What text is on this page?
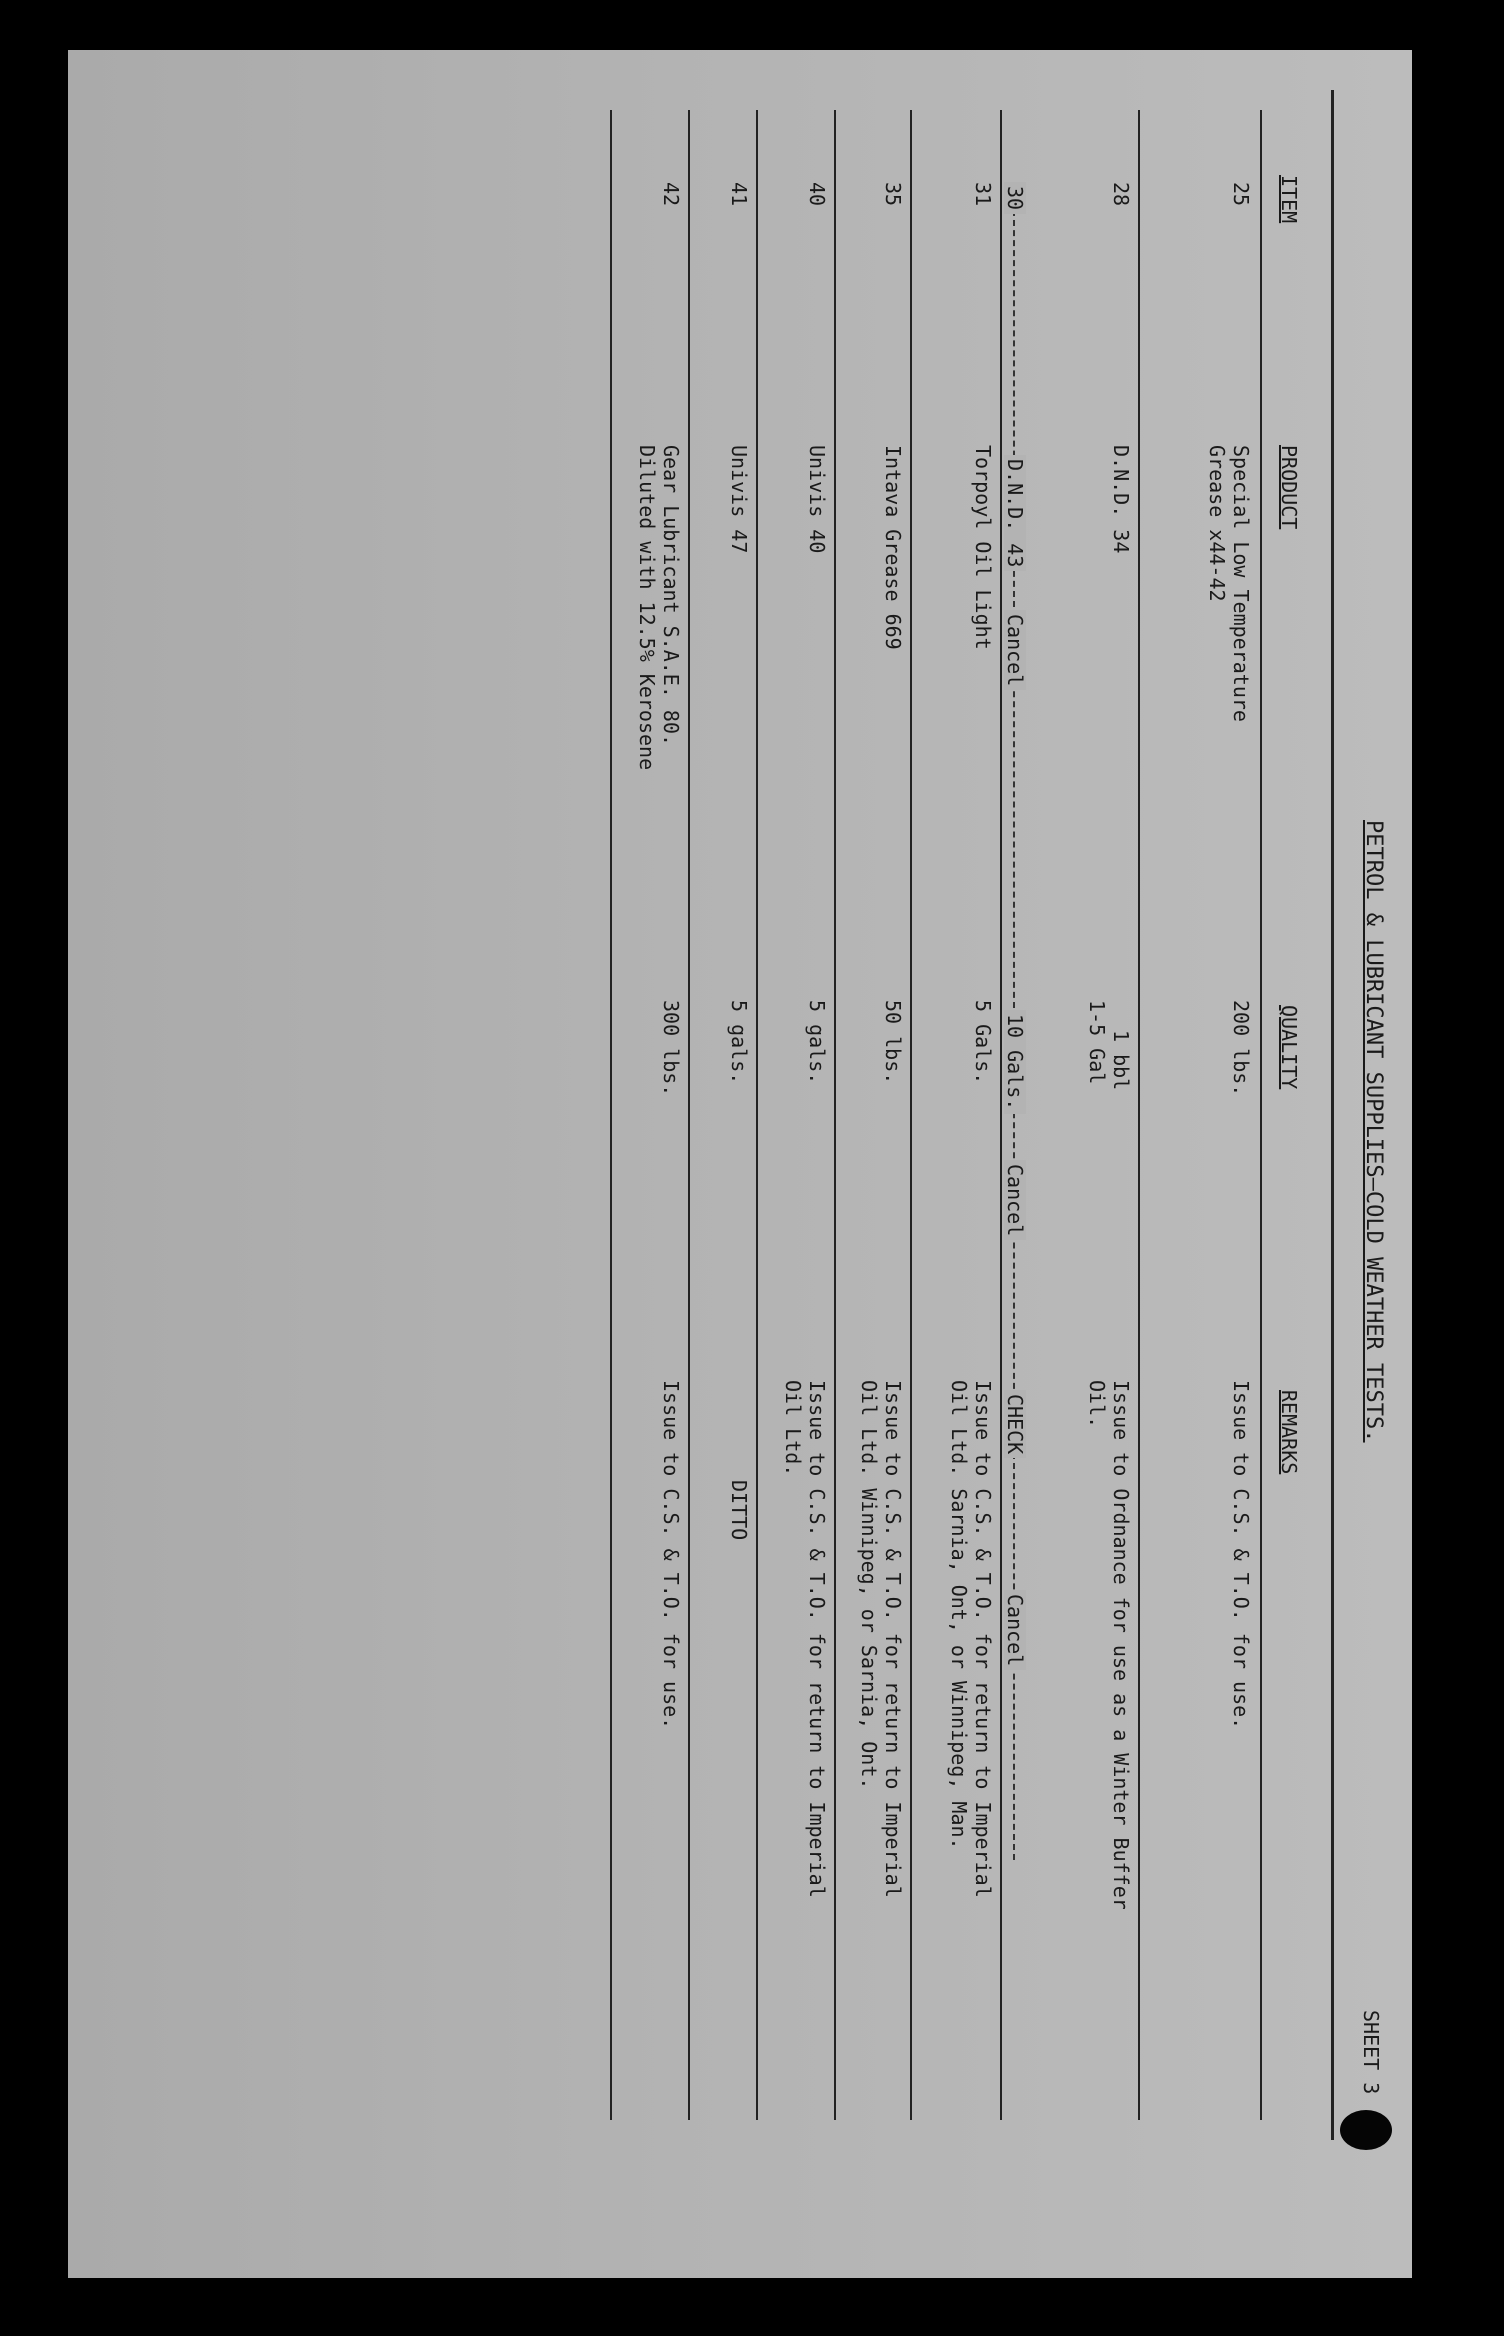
PETROL & LUBRICANT SUPPLIES—COLD WEATHER TESTS.
SHEET 3
ITEM
PRODUCT
QUALITY
REMARKS
25
Special Low Temperature
Grease x44-42
200 lbs.
Issue to C.S. & T.O. for use.
28
D.N.D. 34
1 bbl
1-5 Gal
Issue to Ordnance for use as a Winter Buffer
Oil.
30
D.N.D. 43
Cancel
10 Gals.
Cancel
CHECK
Cancel
31
Torpoyl Oil Light
5 Gals.
Issue to C.S. & T.O. for return to Imperial
Oil Ltd. Sarnia, Ont, or Winnipeg, Man.
35
Intava Grease 669
50 lbs.
Issue to C.S. & T.O. for return to Imperial
Oil Ltd. Winnipeg, or Sarnia, Ont.
40
Univis 40
5 gals.
Issue to C.S. & T.O. for return to Imperial
Oil Ltd.
41
Univis 47
5 gals.
DITTO
42
Gear Lubricant S.A.E. 80.
Diluted with 12.5% Kerosene
300 lbs.
Issue to C.S. & T.O. for use.
